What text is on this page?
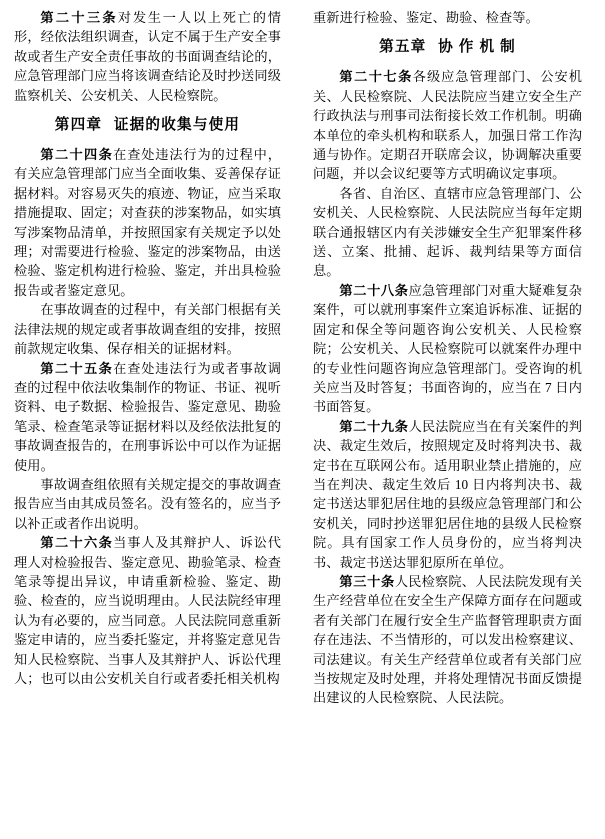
第二十三条对发生一人以上死亡的情形，经依法组织调查，认定不属于生产安全事故或者生产安全责任事故的书面调查结论的，应急管理部门应当将该调查结论及时抄送同级监察机关、公安机关、人民检察院。

第四章 证据的收集与使用

第二十四条在查处违法行为的过程中，有关应急管理部门应当全面收集、妥善保存证据材料。对容易灭失的痕迹、物证，应当采取措施提取、固定；对查获的涉案物品，如实填写涉案物品清单，并按照国家有关规定予以处理；对需要进行检验、鉴定的涉案物品，由送检验、鉴定机构进行检验、鉴定，并出具检验报告或者鉴定意见。

在事故调查的过程中，有关部门根据有关法律法规的规定或者事故调查组的安排，按照前款规定收集、保存相关的证据材料。

第二十五条在查处违法行为或者事故调查的过程中依法收集制作的物证、书证、视听资料、电子数据、检验报告、鉴定意见、勘验笔录、检查笔录等证据材料以及经依法批复的事故调查报告的，在刑事诉讼中可以作为证据使用。

事故调查组依照有关规定提交的事故调查报告应当由其成员签名。没有签名的，应当予以补正或者作出说明。

第二十六条当事人及其辩护人、诉讼代理人对检验报告、鉴定意见、勘验笔录、检查笔录等提出异议，申请重新检验、鉴定、勘验、检查的，应当说明理由。人民法院经审理认为有必要的，应当同意。人民法院同意重新鉴定申请的，应当委托鉴定，并将鉴定意见告知人民检察院、当事人及其辩护人、诉讼代理人；也可以由公安机关自行或者委托相关机构

重新进行检验、鉴定、勘验、检查等。

第五章 协 作 机 制

第二十七条各级应急管理部门、公安机关、人民检察院、人民法院应当建立安全生产行政执法与刑事司法衔接长效工作机制。明确本单位的牵头机构和联系人，加强日常工作沟通与协作。定期召开联席会议，协调解决重要问题，并以会议纪要等方式明确议定事项。

各省、自治区、直辖市应急管理部门、公安机关、人民检察院、人民法院应当每年定期联合通报辖区内有关涉嫌安全生产犯罪案件移送、立案、批捕、起诉、裁判结果等方面信息。

第二十八条应急管理部门对重大疑难复杂案件，可以就刑事案件立案追诉标准、证据的固定和保全等问题咨询公安机关、人民检察院；公安机关、人民检察院可以就案件办理中的专业性问题咨询应急管理部门。受咨询的机关应当及时答复；书面咨询的，应当在 7 日内书面答复。

第二十九条人民法院应当在有关案件的判决、裁定生效后，按照规定及时将判决书、裁定书在互联网公布。适用职业禁止措施的，应当在判决、裁定生效后 10 日内将判决书、裁定书送达罪犯居住地的县级应急管理部门和公安机关，同时抄送罪犯居住地的县级人民检察院。具有国家工作人员身份的，应当将判决书、裁定书送达罪犯原所在单位。

第三十条人民检察院、人民法院发现有关生产经营单位在安全生产保障方面存在问题或者有关部门在履行安全生产监督管理职责方面存在违法、不当情形的，可以发出检察建议、司法建议。有关生产经营单位或者有关部门应当按规定及时处理，并将处理情况书面反馈提出建议的人民检察院、人民法院。
